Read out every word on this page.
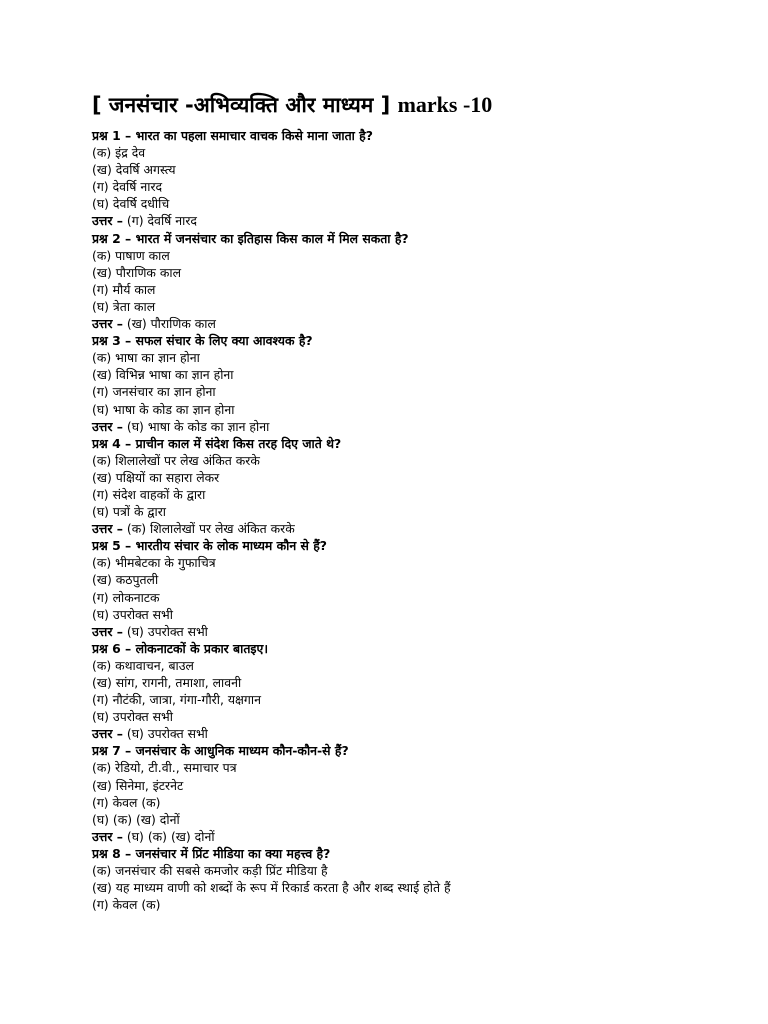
[ जनसंचार -अभिव्यक्ति और माध्यम ] marks -10
प्रश्न 1 – भारत का पहला समाचार वाचक किसे माना जाता है?
(क) इंद्र देव
(ख) देवर्षि अगस्त्य
(ग) देवर्षि नारद
(घ) देवर्षि दधीचि
उत्तर – (ग) देवर्षि नारद
प्रश्न 2 – भारत में जनसंचार का इतिहास किस काल में मिल सकता है?
(क) पाषाण काल
(ख) पौराणिक काल
(ग) मौर्य काल
(घ) त्रेता काल
उत्तर – (ख) पौराणिक काल
प्रश्न 3 – सफल संचार के लिए क्या आवश्यक है?
(क) भाषा का ज्ञान होना
(ख) विभिन्न भाषा का ज्ञान होना
(ग) जनसंचार का ज्ञान होना
(घ) भाषा के कोड का ज्ञान होना
उत्तर – (घ) भाषा के कोड का ज्ञान होना
प्रश्न 4 – प्राचीन काल में संदेश किस तरह दिए जाते थे?
(क) शिलालेखों पर लेख अंकित करके
(ख) पक्षियों का सहारा लेकर
(ग) संदेश वाहकों के द्वारा
(घ) पत्रों के द्वारा
उत्तर – (क) शिलालेखों पर लेख अंकित करके
प्रश्न 5 – भारतीय संचार के लोक माध्यम कौन से हैं?
(क) भीमबेटका के गुफाचित्र
(ख) कठपुतली
(ग) लोकनाटक
(घ) उपरोक्त सभी
उत्तर – (घ) उपरोक्त सभी
प्रश्न 6 – लोकनाटकों के प्रकार बातइए।
(क) कथावाचन, बाउल
(ख) सांग, रागनी, तमाशा, लावनी
(ग) नौटंकी, जात्रा, गंगा-गौरी, यक्षगान
(घ) उपरोक्त सभी
उत्तर – (घ) उपरोक्त सभी
प्रश्न 7 – जनसंचार के आधुनिक माध्यम कौन-कौन-से हैं?
(क) रेडियो, टी.वी., समाचार पत्र
(ख) सिनेमा, इंटरनेट
(ग) केवल (क)
(घ) (क) (ख) दोनों
उत्तर – (घ) (क) (ख) दोनों
प्रश्न 8 – जनसंचार में प्रिंट मीडिया का क्या महत्त्व है?
(क) जनसंचार की सबसे कमजोर कड़ी प्रिंट मीडिया है
(ख) यह माध्यम वाणी को शब्दों के रूप में रिकार्ड करता है और शब्द स्थाई होते हैं
(ग) केवल (क)
